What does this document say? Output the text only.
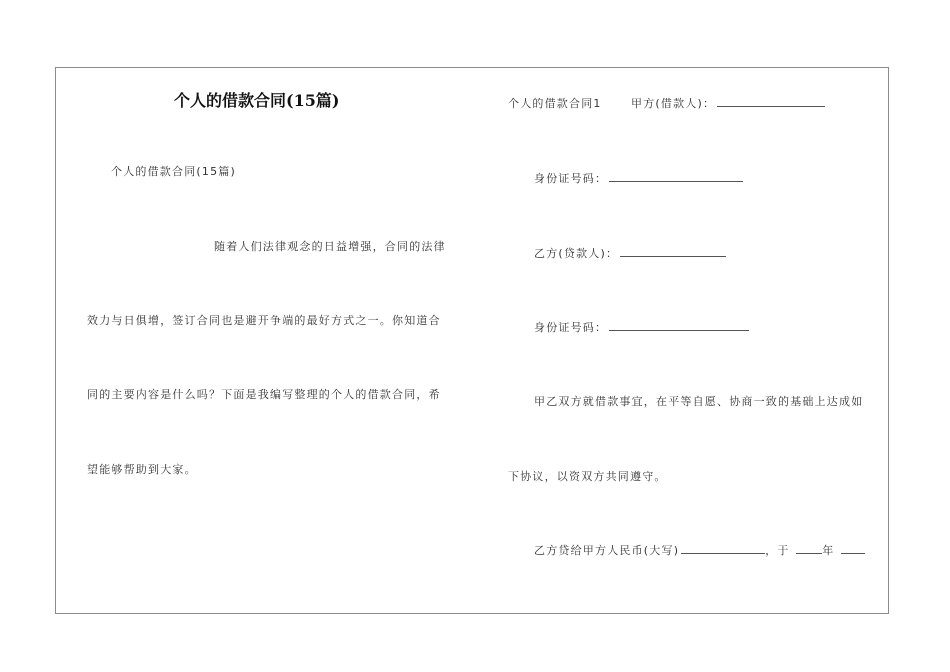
个人的借款合同(15篇)
个人的借款合同(15篇)
随着人们法律观念的日益增强，合同的法律
效力与日俱增，签订合同也是避开争端的最好方式之一。你知道合
同的主要内容是什么吗？下面是我编写整理的个人的借款合同，希
望能够帮助到大家。
个人的借款合同1	甲方(借款人)：
身份证号码：
乙方(贷款人)：
身份证号码：
甲乙双方就借款事宜，在平等自愿、协商一致的基础上达成如
下协议，以资双方共同遵守。
乙方贷给甲方人民币(大写)	，于	年
